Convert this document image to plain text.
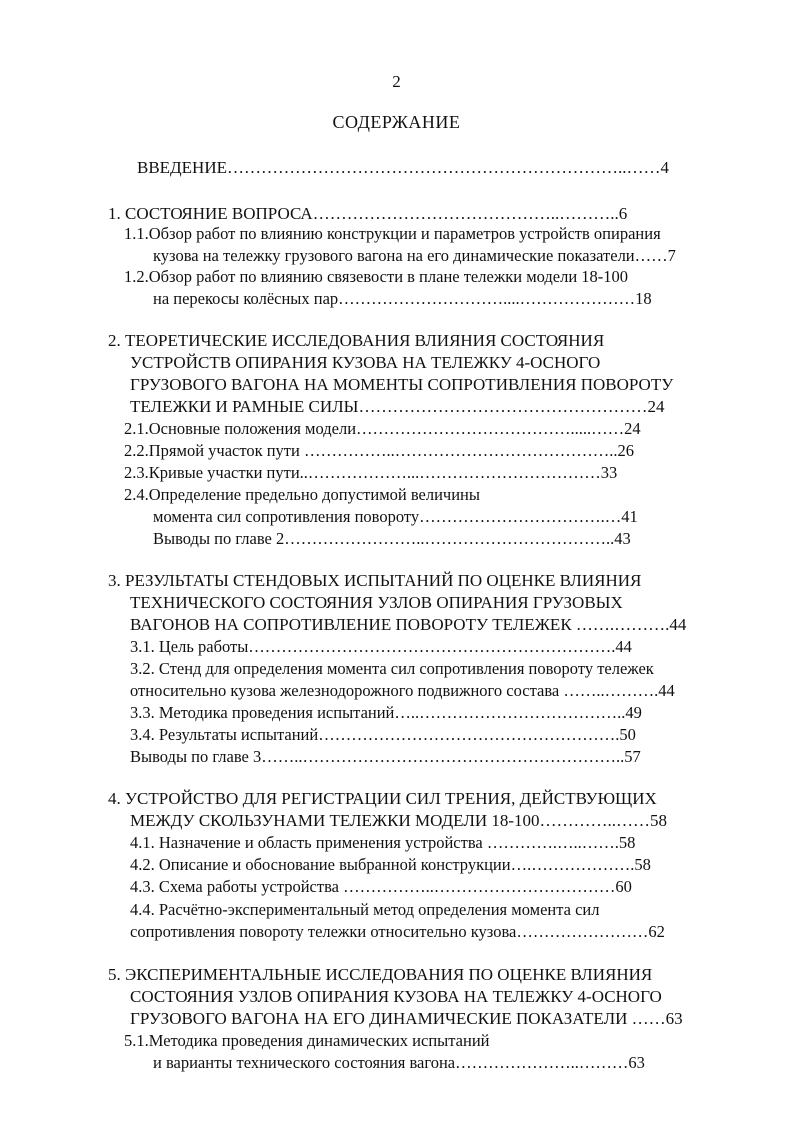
2
СОДЕРЖАНИЕ
ВВЕДЕНИЕ……………………………………………………………..……4
1. СОСТОЯНИЕ ВОПРОСА……………………………………..………..6
1.1.Обзор работ по влиянию конструкции и параметров устройств опирания
кузова на тележку грузового вагона на его динамические показатели……7
1.2.Обзор работ по влиянию связевости в плане тележки модели 18-100
на перекосы колёсных пар…………………………....…………………18
2. ТЕОРЕТИЧЕСКИЕ ИССЛЕДОВАНИЯ ВЛИЯНИЯ СОСТОЯНИЯ
УСТРОЙСТВ ОПИРАНИЯ КУЗОВА НА ТЕЛЕЖКУ 4-ОСНОГО
ГРУЗОВОГО ВАГОНА НА МОМЕНТЫ СОПРОТИВЛЕНИЯ ПОВОРОТУ
ТЕЛЕЖКИ И РАМНЫЕ СИЛЫ……………………………………………24
2.1.Основные положения модели………………………………….....……24
2.2.Прямой участок пути ……………..…………………………………..26
2.3.Кривые участки пути..………………...……………………………33
2.4.Определение предельно допустимой величины
момента сил сопротивления повороту…………………………….…41
Выводы по главе 2……………………..……………………………..43
3. РЕЗУЛЬТАТЫ СТЕНДОВЫХ ИСПЫТАНИЙ ПО ОЦЕНКЕ ВЛИЯНИЯ
ТЕХНИЧЕСКОГО СОСТОЯНИЯ УЗЛОВ ОПИРАНИЯ ГРУЗОВЫХ
ВАГОНОВ НА СОПРОТИВЛЕНИЕ ПОВОРОТУ ТЕЛЕЖЕК …….……….44
3.1. Цель работы………………………………………………………….44
3.2. Стенд для определения момента сил сопротивления повороту тележек
относительно кузова железнодорожного подвижного состава ……..……….44
3.3. Методика проведения испытаний…..………………………………..49
3.4. Результаты испытаний……………………………………………….50
Выводы по главе 3……..…………………………………………………..57
4. УСТРОЙСТВО ДЛЯ РЕГИСТРАЦИИ СИЛ ТРЕНИЯ, ДЕЙСТВУЮЩИХ
МЕЖДУ СКОЛЬЗУНАМИ ТЕЛЕЖКИ МОДЕЛИ 18-100…………..……58
4.1. Назначение и область применения устройства ………….…..…….58
4.2. Описание и обоснование выбранной конструкции….……………….58
4.3. Схема работы устройства ……………..……………………………60
4.4. Расчётно-экспериментальный метод определения момента сил
сопротивления повороту тележки относительно кузова……………………62
5. ЭКСПЕРИМЕНТАЛЬНЫЕ ИССЛЕДОВАНИЯ ПО ОЦЕНКЕ ВЛИЯНИЯ
СОСТОЯНИЯ УЗЛОВ ОПИРАНИЯ КУЗОВА НА ТЕЛЕЖКУ 4-ОСНОГО
ГРУЗОВОГО ВАГОНА НА ЕГО ДИНАМИЧЕСКИЕ ПОКАЗАТЕЛИ ……63
5.1.Методика проведения динамических испытаний
и варианты технического состояния вагона…………………..………63
